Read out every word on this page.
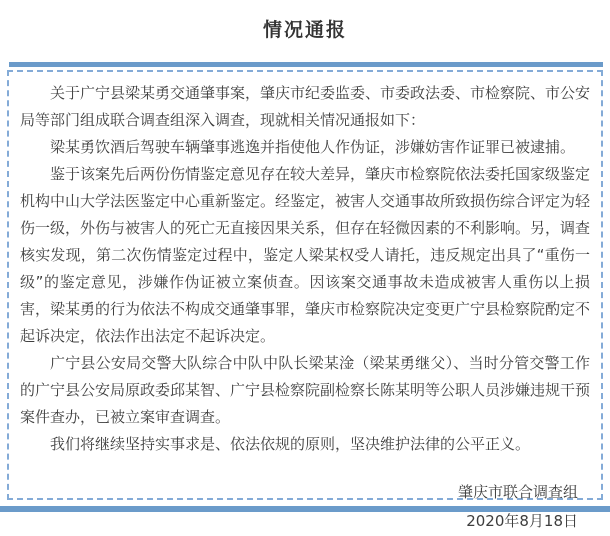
情况通报

关于广宁县梁某勇交通肇事案，肇庆市纪委监委、市委政法委、市检察院、市公安局等部门组成联合调查组深入调查，现就相关情况通报如下：

梁某勇饮酒后驾驶车辆肇事逃逸并指使他人作伪证，涉嫌妨害作证罪已被逮捕。

鉴于该案先后两份伤情鉴定意见存在较大差异，肇庆市检察院依法委托国家级鉴定机构中山大学法医鉴定中心重新鉴定。经鉴定，被害人交通事故所致损伤综合评定为轻伤一级，外伤与被害人的死亡无直接因果关系，但存在轻微因素的不利影响。另，调查核实发现，第二次伤情鉴定过程中，鉴定人梁某权受人请托，违反规定出具了“重伤一级”的鉴定意见，涉嫌作伪证被立案侦查。因该案交通事故未造成被害人重伤以上损害，梁某勇的行为依法不构成交通肇事罪，肇庆市检察院决定变更广宁县检察院酌定不起诉决定，依法作出法定不起诉决定。

广宁县公安局交警大队综合中队中队长梁某淦（梁某勇继父）、当时分管交警工作的广宁县公安局原政委邱某智、广宁县检察院副检察长陈某明等公职人员涉嫌违规干预案件查办，已被立案审查调查。

我们将继续坚持实事求是、依法依规的原则，坚决维护法律的公平正义。

肇庆市联合调查组
2020年8月18日
